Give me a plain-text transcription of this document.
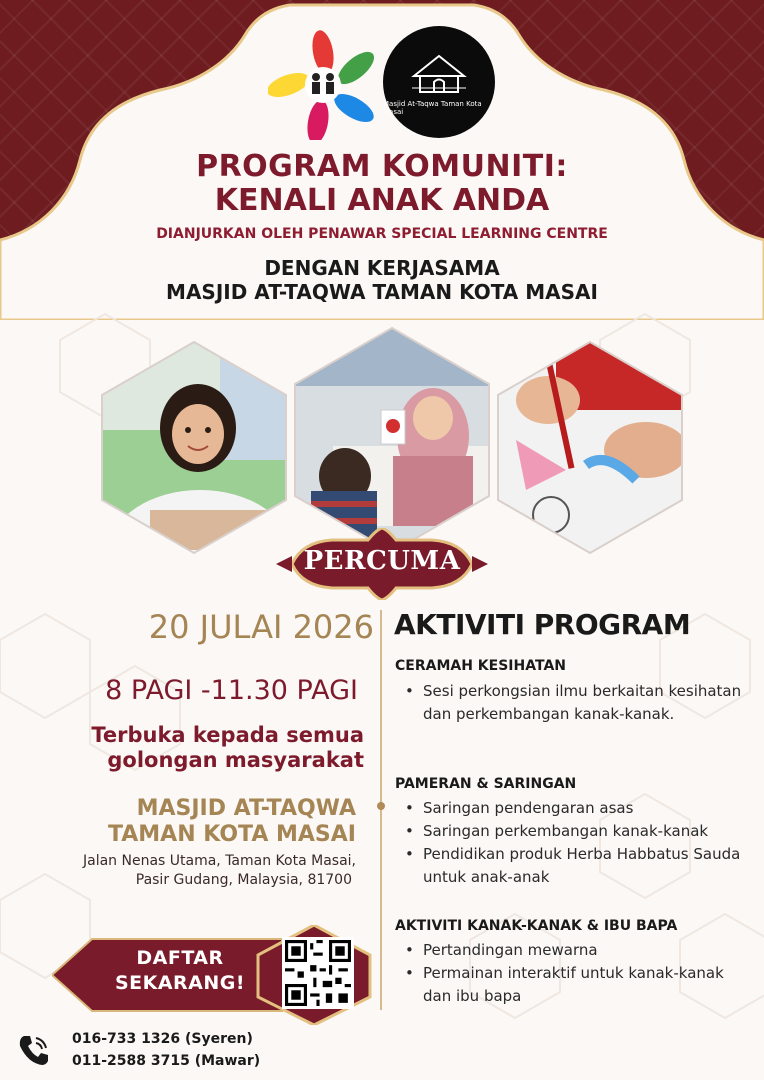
Masjid At-Taqwa Taman Kota Masai
PROGRAM KOMUNITI:
KENALI ANAK ANDA
DIANJURKAN OLEH PENAWAR SPECIAL LEARNING CENTRE
DENGAN KERJASAMA
MASJID AT-TAQWA TAMAN KOTA MASAI
PERCUMA
20 JULAI 2026
8 PAGI -11.30 PAGI
Terbuka kepada semua
golongan masyarakat
MASJID AT-TAQWA
TAMAN KOTA MASAI
Jalan Nenas Utama, Taman Kota Masai,
Pasir Gudang, Malaysia, 81700
DAFTAR
SEKARANG!
016-733 1326 (Syeren)
011-2588 3715 (Mawar)
AKTIVITI PROGRAM
CERAMAH KESIHATAN
• Sesi perkongsian ilmu berkaitan kesihatan dan perkembangan kanak-kanak.
PAMERAN & SARINGAN
• Saringan pendengaran asas
• Saringan perkembangan kanak-kanak
• Pendidikan produk Herba Habbatus Sauda untuk anak-anak
AKTIVITI KANAK-KANAK & IBU BAPA
• Pertandingan mewarna
• Permainan interaktif untuk kanak-kanak dan ibu bapa
